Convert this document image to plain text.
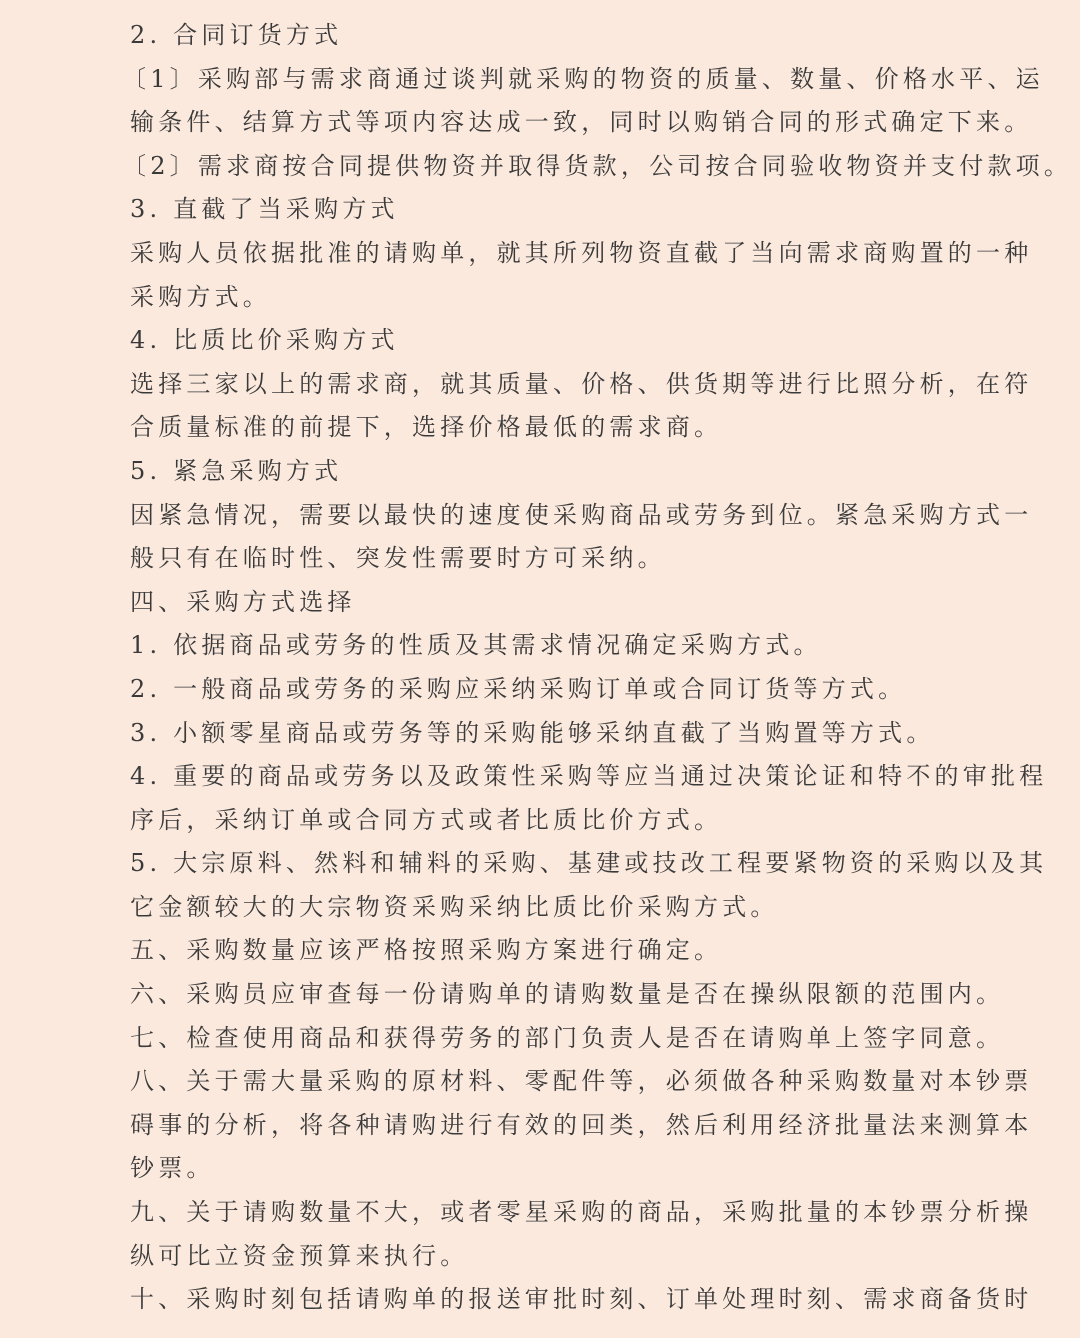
2. 合同订货方式
〔1〕采购部与需求商通过谈判就采购的物资的质量、数量、价格水平、运
输条件、结算方式等项内容达成一致，同时以购销合同的形式确定下来。
〔2〕需求商按合同提供物资并取得货款，公司按合同验收物资并支付款项。
3. 直截了当采购方式
采购人员依据批准的请购单，就其所列物资直截了当向需求商购置的一种
采购方式。
4. 比质比价采购方式
选择三家以上的需求商，就其质量、价格、供货期等进行比照分析，在符
合质量标准的前提下，选择价格最低的需求商。
5. 紧急采购方式
因紧急情况，需要以最快的速度使采购商品或劳务到位。紧急采购方式一
般只有在临时性、突发性需要时方可采纳。
四、采购方式选择
1. 依据商品或劳务的性质及其需求情况确定采购方式。
2. 一般商品或劳务的采购应采纳采购订单或合同订货等方式。
3. 小额零星商品或劳务等的采购能够采纳直截了当购置等方式。
4. 重要的商品或劳务以及政策性采购等应当通过决策论证和特不的审批程
序后，采纳订单或合同方式或者比质比价方式。
5. 大宗原料、然料和辅料的采购、基建或技改工程要紧物资的采购以及其
它金额较大的大宗物资采购采纳比质比价采购方式。
五、采购数量应该严格按照采购方案进行确定。
六、采购员应审查每一份请购单的请购数量是否在操纵限额的范围内。
七、检查使用商品和获得劳务的部门负责人是否在请购单上签字同意。
八、关于需大量采购的原材料、零配件等，必须做各种采购数量对本钞票
碍事的分析，将各种请购进行有效的回类，然后利用经济批量法来测算本
钞票。
九、关于请购数量不大，或者零星采购的商品，采购批量的本钞票分析操
纵可比立资金预算来执行。
十、采购时刻包括请购单的报送审批时刻、订单处理时刻、需求商备货时
